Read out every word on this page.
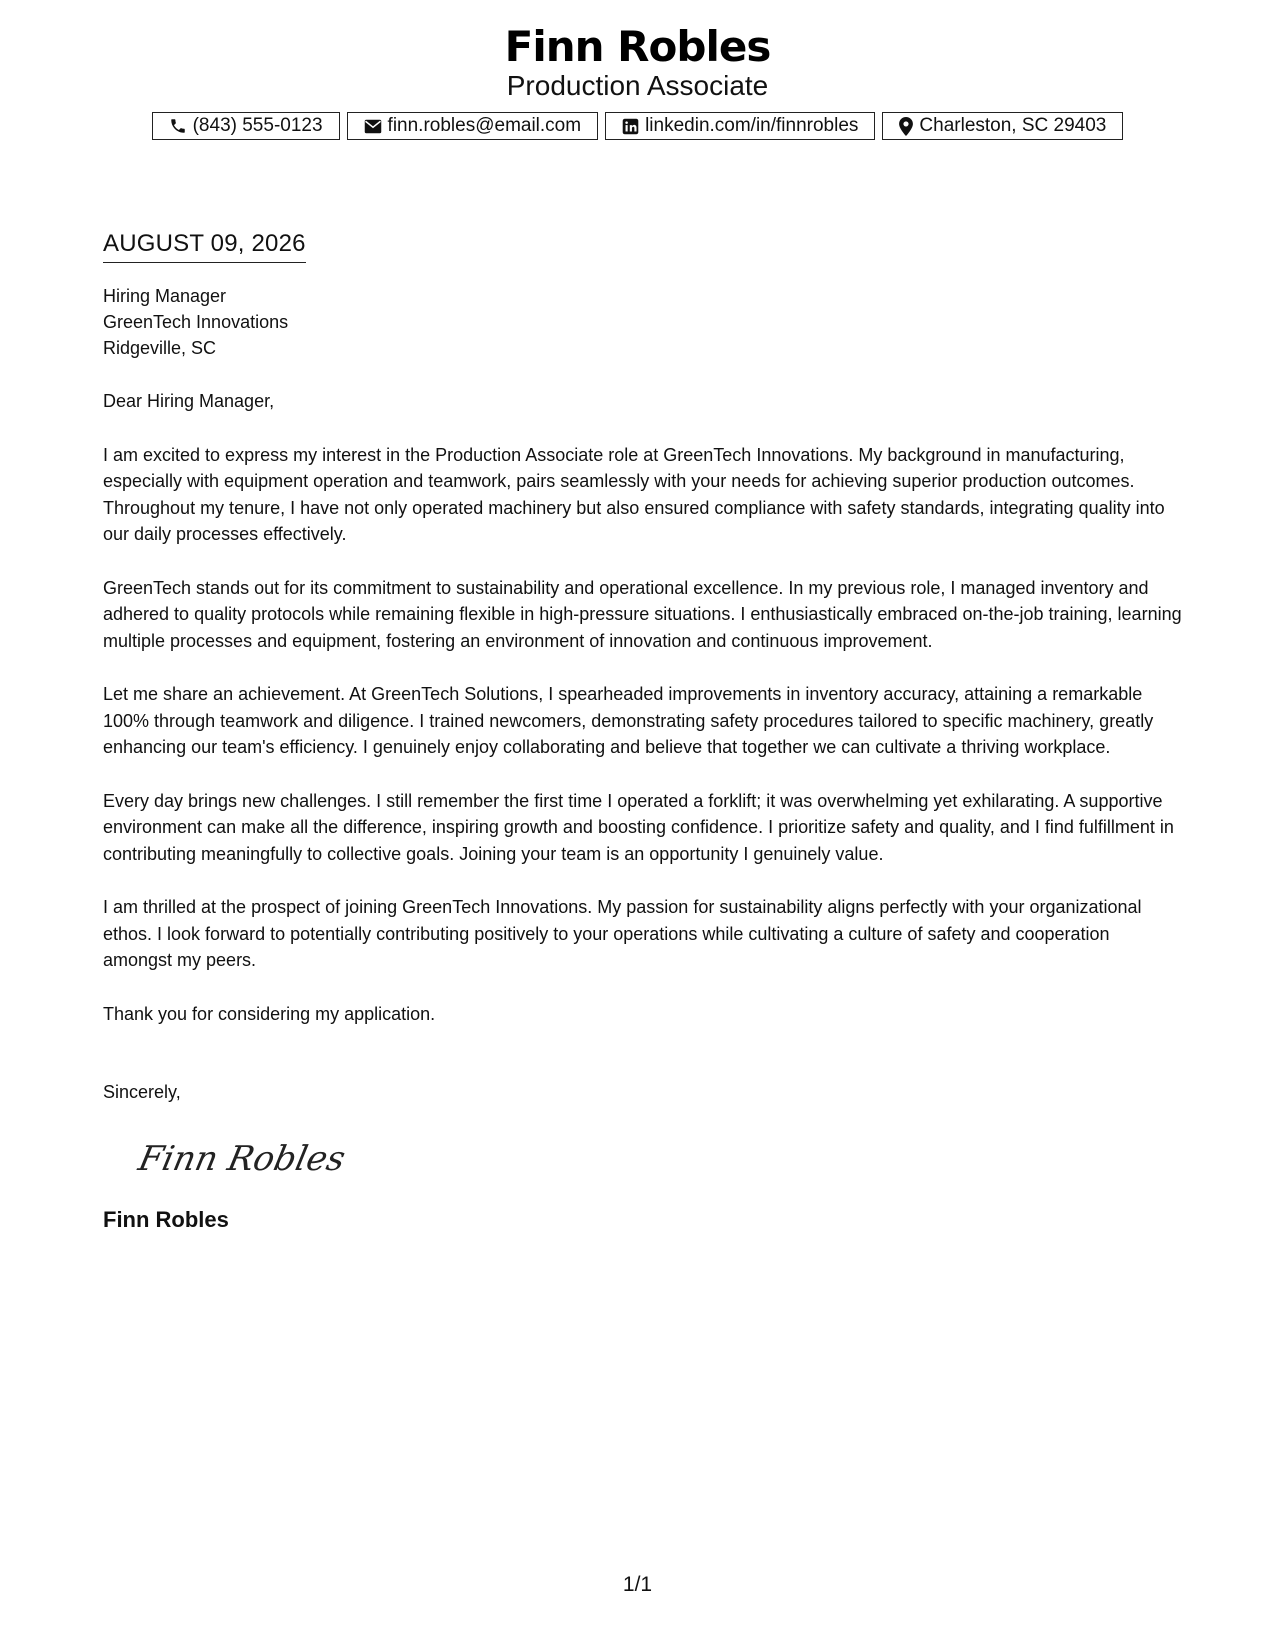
Finn Robles
Production Associate
(843) 555-0123	finn.robles@email.com	linkedin.com/in/finnrobles	Charleston, SC 29403
AUGUST 09, 2026
Hiring Manager
GreenTech Innovations
Ridgeville, SC
Dear Hiring Manager,

I am excited to express my interest in the Production Associate role at GreenTech Innovations. My background in manufacturing, especially with equipment operation and teamwork, pairs seamlessly with your needs for achieving superior production outcomes. Throughout my tenure, I have not only operated machinery but also ensured compliance with safety standards, integrating quality into our daily processes effectively.

GreenTech stands out for its commitment to sustainability and operational excellence. In my previous role, I managed inventory and adhered to quality protocols while remaining flexible in high-pressure situations. I enthusiastically embraced on-the-job training, learning multiple processes and equipment, fostering an environment of innovation and continuous improvement.

Let me share an achievement. At GreenTech Solutions, I spearheaded improvements in inventory accuracy, attaining a remarkable 100% through teamwork and diligence. I trained newcomers, demonstrating safety procedures tailored to specific machinery, greatly enhancing our team's efficiency. I genuinely enjoy collaborating and believe that together we can cultivate a thriving workplace.

Every day brings new challenges. I still remember the first time I operated a forklift; it was overwhelming yet exhilarating. A supportive environment can make all the difference, inspiring growth and boosting confidence. I prioritize safety and quality, and I find fulfillment in contributing meaningfully to collective goals. Joining your team is an opportunity I genuinely value.

I am thrilled at the prospect of joining GreenTech Innovations. My passion for sustainability aligns perfectly with your organizational ethos. I look forward to potentially contributing positively to your operations while cultivating a culture of safety and cooperation amongst my peers.

Thank you for considering my application.

Sincerely,
Finn Robles
Finn Robles
1/1
